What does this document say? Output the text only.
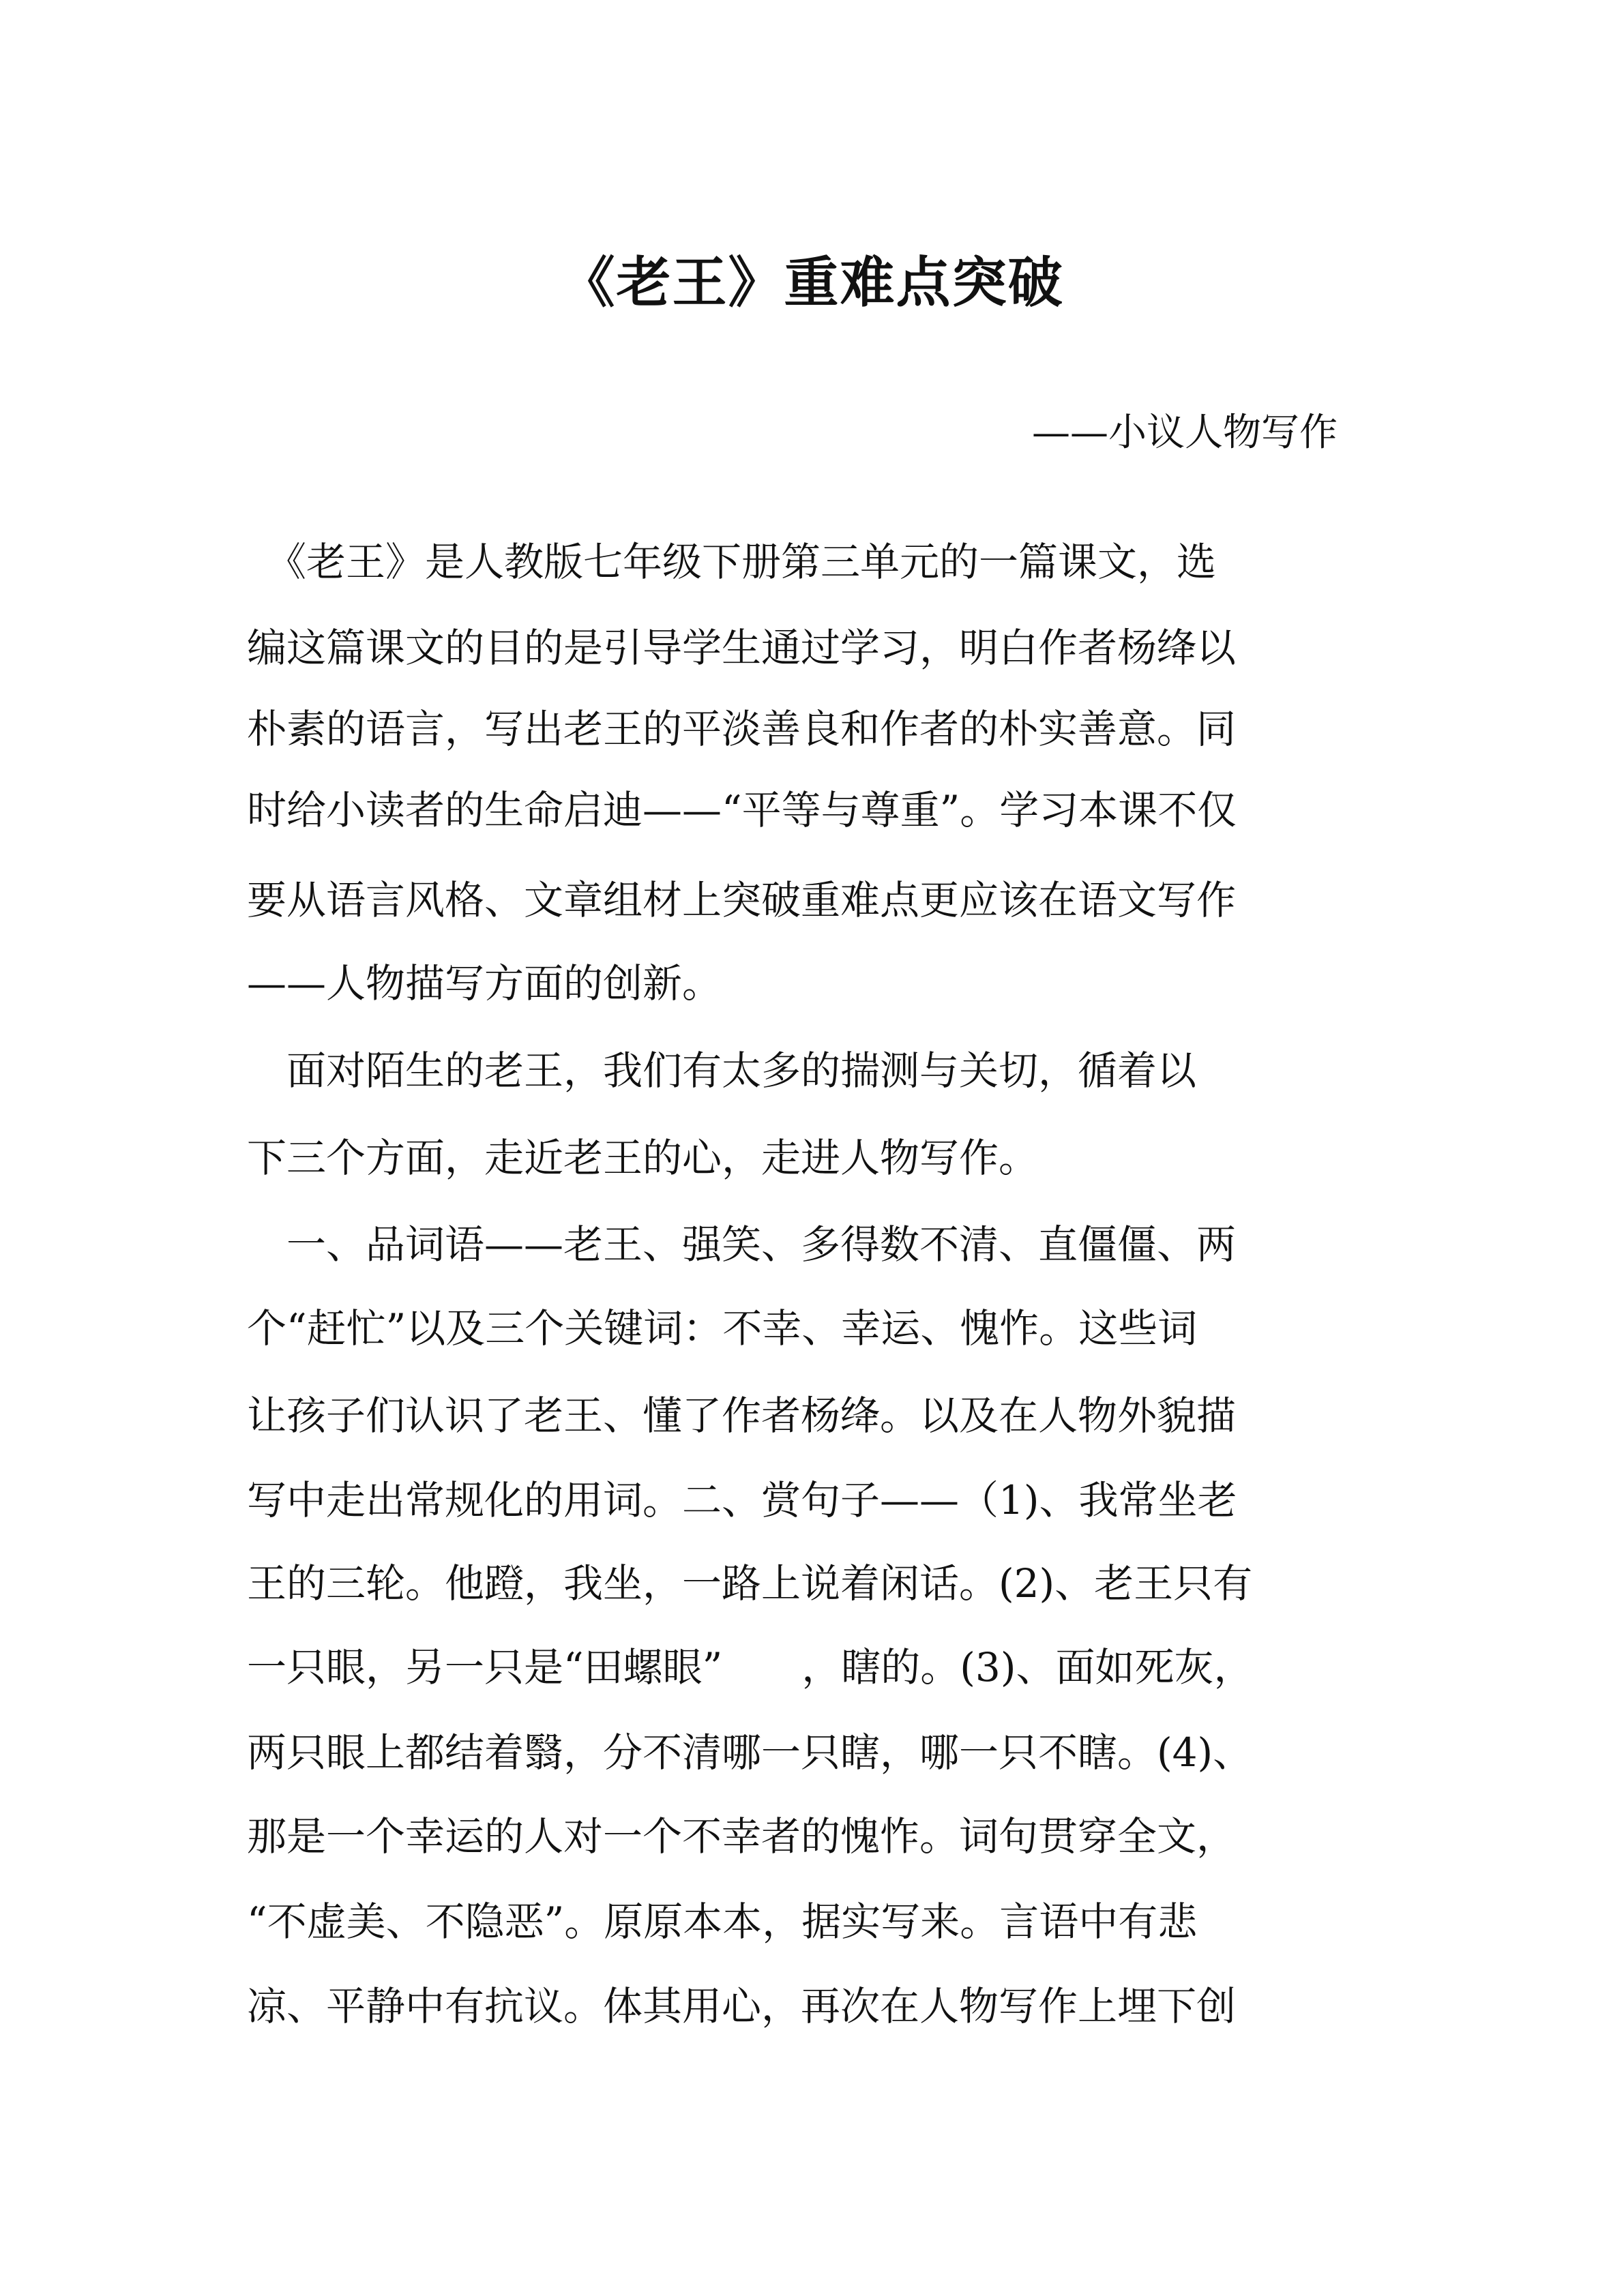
《老王》重难点突破
——小议人物写作
　《老王》是人教版七年级下册第三单元的一篇课文，选
编这篇课文的目的是引导学生通过学习，明白作者杨绛以
朴素的语言，写出老王的平淡善良和作者的朴实善意。同
时给小读者的生命启迪——“平等与尊重”。学习本课不仅
要从语言风格、文章组材上突破重难点更应该在语文写作
——人物描写方面的创新。
　面对陌生的老王，我们有太多的揣测与关切，循着以
下三个方面，走近老王的心，走进人物写作。
　一、品词语——老王、强笑、多得数不清、直僵僵、两
个“赶忙”以及三个关键词：不幸、幸运、愧怍。这些词
让孩子们认识了老王、懂了作者杨绛。以及在人物外貌描
写中走出常规化的用词。二、赏句子——（1)、我常坐老
王的三轮。他蹬，我坐，一路上说着闲话。(2)、老王只有
一只眼，另一只是“田螺眼”　　，瞎的。(3)、面如死灰，
两只眼上都结着翳，分不清哪一只瞎，哪一只不瞎。(4)、
那是一个幸运的人对一个不幸者的愧怍。词句贯穿全文，
“不虚美、不隐恶”。原原本本，据实写来。言语中有悲
凉、平静中有抗议。体其用心，再次在人物写作上埋下创
